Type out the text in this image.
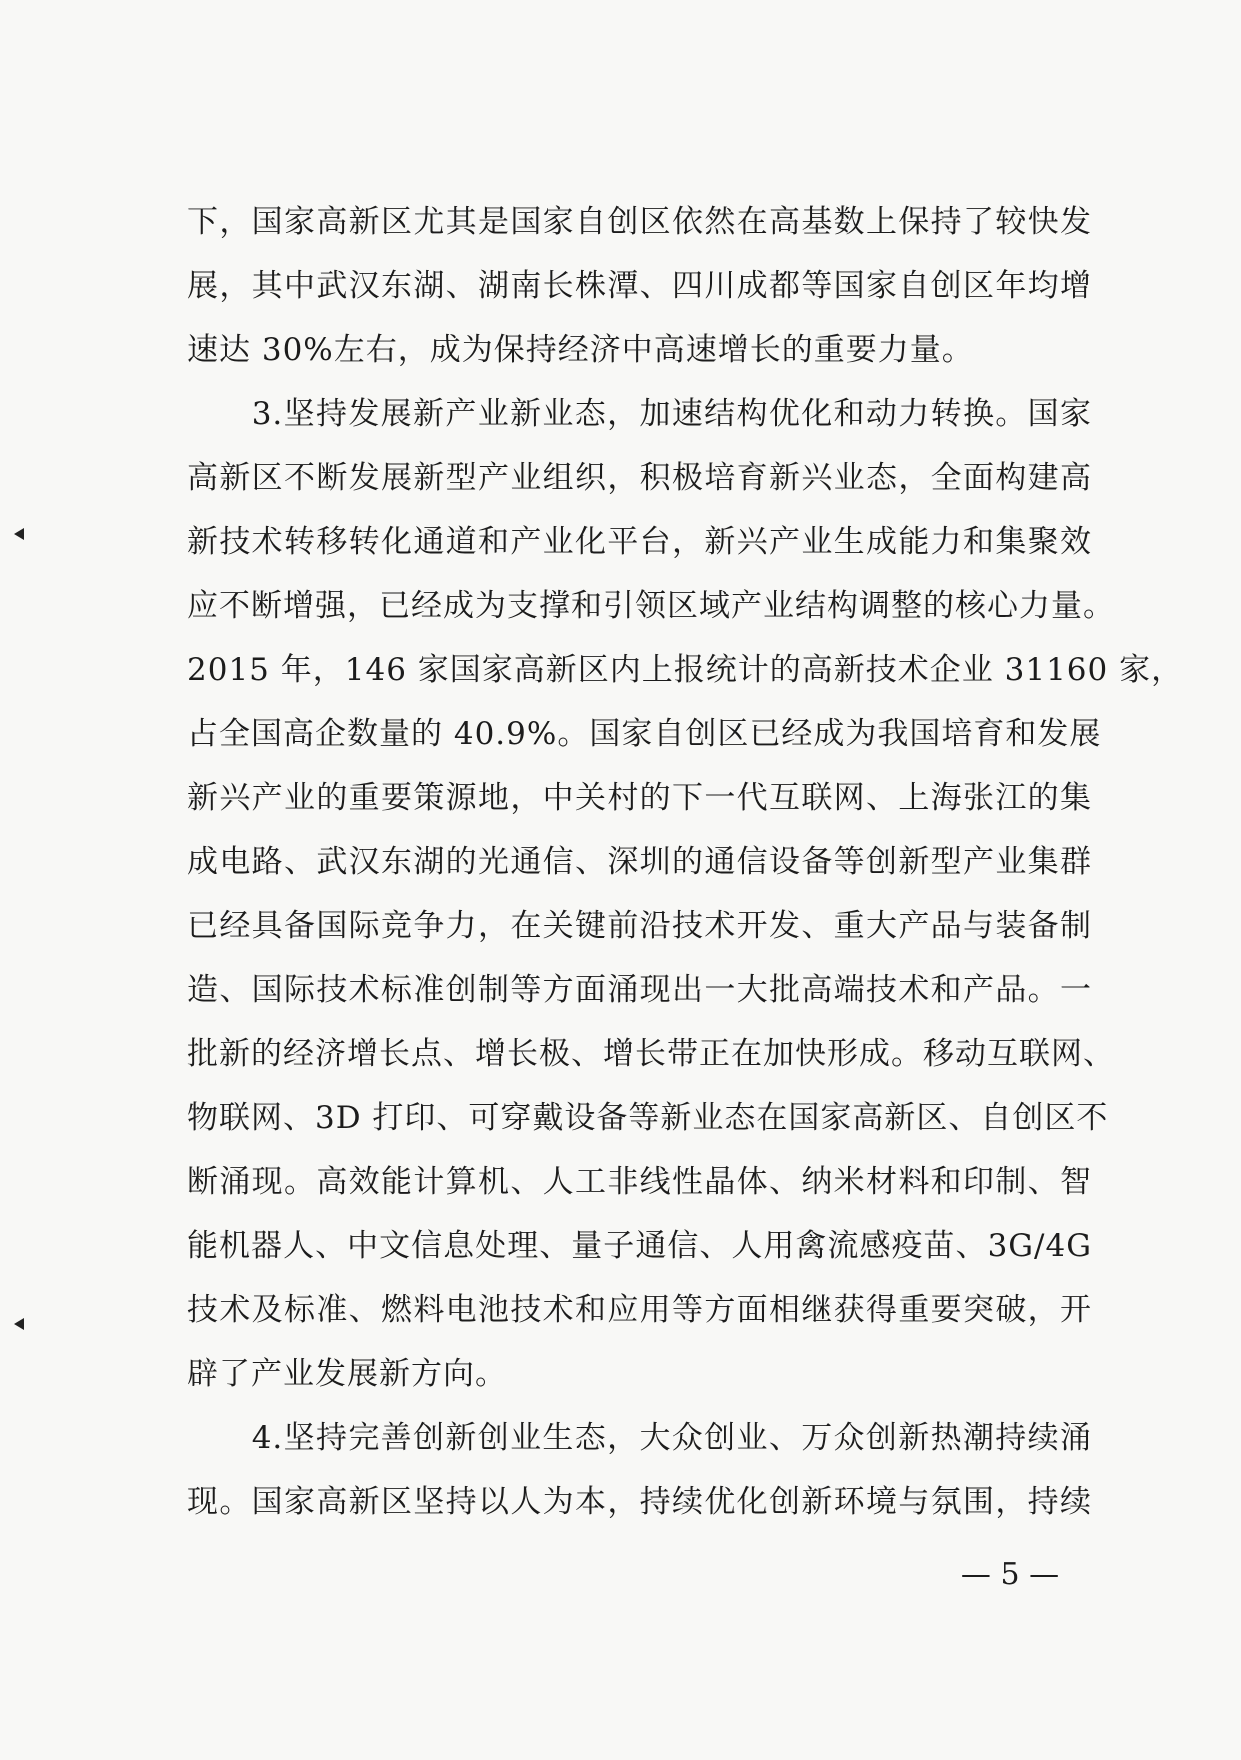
下，国家高新区尤其是国家自创区依然在高基数上保持了较快发
展，其中武汉东湖、湖南长株潭、四川成都等国家自创区年均增
速达 30%左右，成为保持经济中高速增长的重要力量。
　　3.坚持发展新产业新业态，加速结构优化和动力转换。国家
高新区不断发展新型产业组织，积极培育新兴业态，全面构建高
新技术转移转化通道和产业化平台，新兴产业生成能力和集聚效
应不断增强，已经成为支撑和引领区域产业结构调整的核心力量。
2015 年，146 家国家高新区内上报统计的高新技术企业 31160 家，
占全国高企数量的 40.9%。国家自创区已经成为我国培育和发展
新兴产业的重要策源地，中关村的下一代互联网、上海张江的集
成电路、武汉东湖的光通信、深圳的通信设备等创新型产业集群
已经具备国际竞争力，在关键前沿技术开发、重大产品与装备制
造、国际技术标准创制等方面涌现出一大批高端技术和产品。一
批新的经济增长点、增长极、增长带正在加快形成。移动互联网、
物联网、3D 打印、可穿戴设备等新业态在国家高新区、自创区不
断涌现。高效能计算机、人工非线性晶体、纳米材料和印制、智
能机器人、中文信息处理、量子通信、人用禽流感疫苗、3G/4G
技术及标准、燃料电池技术和应用等方面相继获得重要突破，开
辟了产业发展新方向。
　　4.坚持完善创新创业生态，大众创业、万众创新热潮持续涌
现。国家高新区坚持以人为本，持续优化创新环境与氛围，持续
— 5 —
